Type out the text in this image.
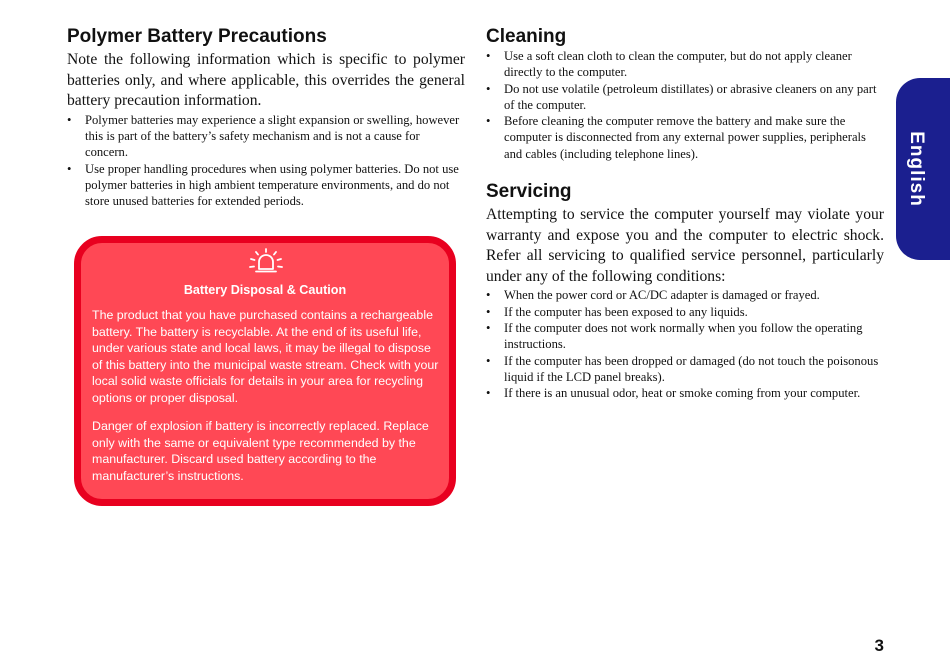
Polymer Battery Precautions

Note the following information which is specific to polymer batteries only, and where applicable, this overrides the general battery precaution information.

• Polymer batteries may experience a slight expansion or swelling, however this is part of the battery’s safety mechanism and is not a cause for concern.
• Use proper handling procedures when using polymer batteries. Do not use polymer batteries in high ambient temperature environments, and do not store unused batteries for extended periods.
Battery Disposal & Caution

The product that you have purchased contains a rechargeable battery. The battery is recyclable. At the end of its useful life, under various state and local laws, it may be illegal to dispose of this battery into the municipal waste stream. Check with your local solid waste officials for details in your area for recycling options or proper disposal.

Danger of explosion if battery is incorrectly replaced. Replace only with the same or equivalent type recommended by the manufacturer. Discard used battery according to the manufacturer’s instructions.

Cleaning
• Use a soft clean cloth to clean the computer, but do not apply cleaner directly to the computer.
• Do not use volatile (petroleum distillates) or abrasive cleaners on any part of the computer.
• Before cleaning the computer remove the battery and make sure the computer is disconnected from any external power supplies, peripherals and cables (including telephone lines).
Servicing

Attempting to service the computer yourself may violate your warranty and expose you and the computer to electric shock. Refer all servicing to qualified service personnel, particularly under any of the following conditions:

• When the power cord or AC/DC adapter is damaged or frayed.
• If the computer has been exposed to any liquids.
• If the computer does not work normally when you follow the operating instructions.
• If the computer has been dropped or damaged (do not touch the poisonous liquid if the LCD panel breaks).
• If there is an unusual odor, heat or smoke coming from your computer.
English
3
